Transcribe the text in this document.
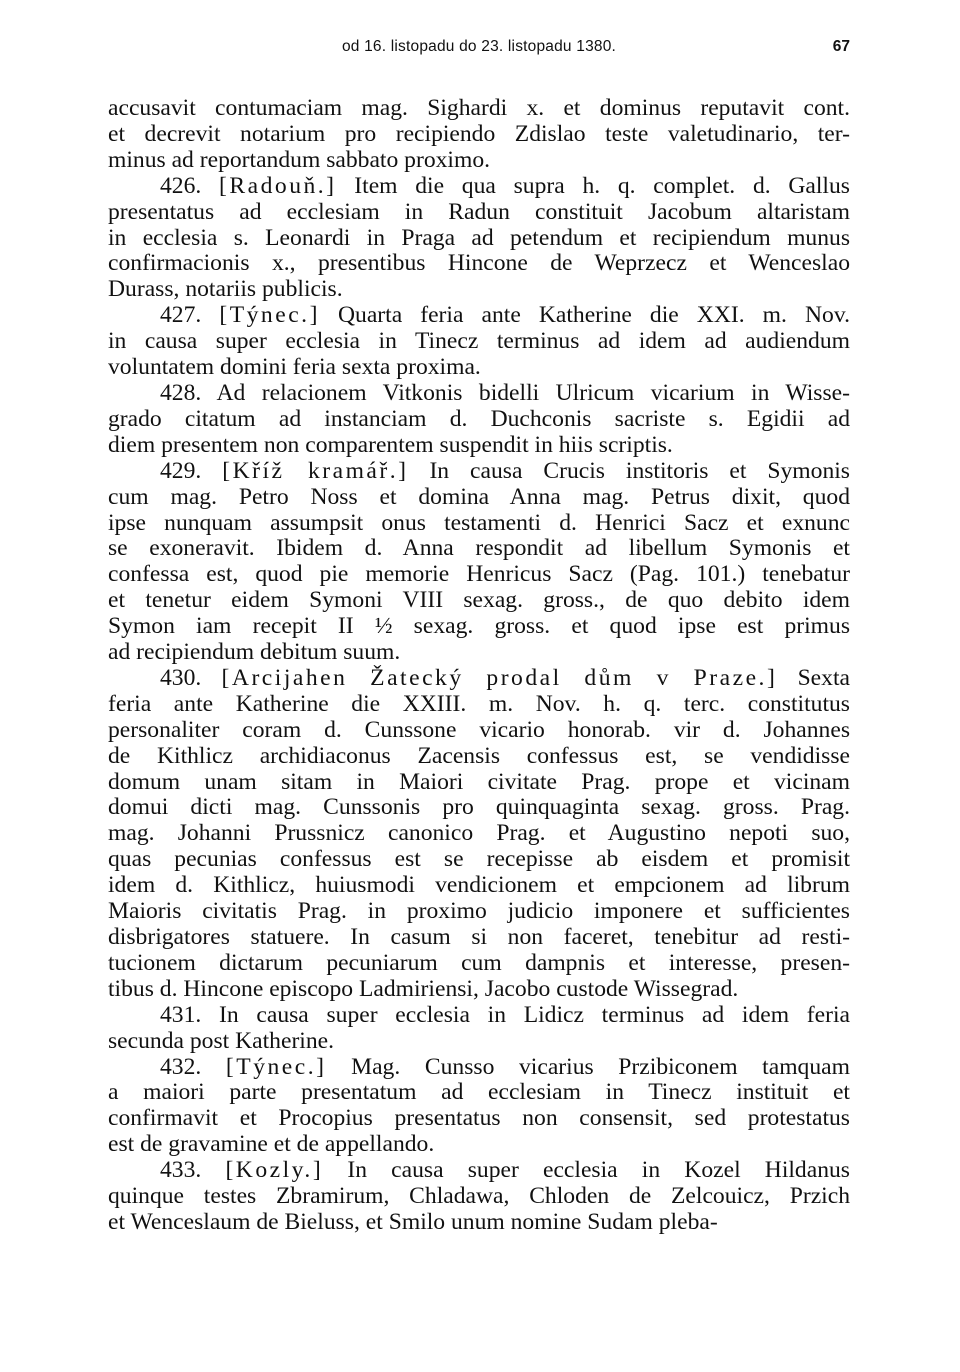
od 16. listopadu do 23. listopadu 1380.	67

accusavit contumaciam mag. Sighardi x. et dominus reputavit cont.
et decrevit notarium pro recipiendo Zdislao teste valetudinario, ter-
minus ad reportandum sabbato proximo.

426. [Radouň.] Item die qua supra h. q. complet. d. Gallus
presentatus ad ecclesiam in Radun constituit Jacobum altaristam
in ecclesia s. Leonardi in Praga ad petendum et recipiendum munus
confirmacionis x., presentibus Hincone de Weprzecz et Wenceslao
Durass, notariis publicis.

427. [Týnec.] Quarta feria ante Katherine die XXI. m. Nov.
in causa super ecclesia in Tinecz terminus ad idem ad audiendum
voluntatem domini feria sexta proxima.

428. Ad relacionem Vitkonis bidelli Ulricum vicarium in Wisse-
grado citatum ad instanciam d. Duchconis sacriste s. Egidii ad
diem presentem non comparentem suspendit in hiis scriptis.

429. [Kříž kramář.] In causa Crucis institoris et Symonis
cum mag. Petro Noss et domina Anna mag. Petrus dixit, quod
ipse nunquam assumpsit onus testamenti d. Henrici Sacz et exnunc
se exoneravit. Ibidem d. Anna respondit ad libellum Symonis et
confessa est, quod pie memorie Henricus Sacz (Pag. 101.) tenebatur
et tenetur eidem Symoni VIII sexag. gross., de quo debito idem
Symon iam recepit II ½ sexag. gross. et quod ipse est primus
ad recipiendum debitum suum.

430. [Arcijahen Žatecký prodal dům v Praze.] Sexta
feria ante Katherine die XXIII. m. Nov. h. q. terc. constitutus
personaliter coram d. Cunssone vicario honorab. vir d. Johannes
de Kithlicz archidiaconus Zacensis confessus est, se vendidisse
domum unam sitam in Maiori civitate Prag. prope et vicinam
domui dicti mag. Cunssonis pro quinquaginta sexag. gross. Prag.
mag. Johanni Prussnicz canonico Prag. et Augustino nepoti suo,
quas pecunias confessus est se recepisse ab eisdem et promisit
idem d. Kithlicz, huiusmodi vendicionem et empcionem ad librum
Maioris civitatis Prag. in proximo judicio imponere et sufficientes
disbrigatores statuere. In casum si non faceret, tenebitur ad resti-
tucionem dictarum pecuniarum cum dampnis et interesse, presen-
tibus d. Hincone episcopo Ladmiriensi, Jacobo custode Wissegrad.

431. In causa super ecclesia in Lidicz terminus ad idem feria
secunda post Katherine.

432. [Týnec.] Mag. Cunsso vicarius Przibiconem tamquam
a maiori parte presentatum ad ecclesiam in Tinecz instituit et
confirmavit et Procopius presentatus non consensit, sed protestatus
est de gravamine et de appellando.

433. [Kozly.] In causa super ecclesia in Kozel Hildanus
quinque testes Zbramirum, Chladawa, Chloden de Zelcouicz, Przich
et Wenceslaum de Bieluss, et Smilo unum nomine Sudam pleba-
